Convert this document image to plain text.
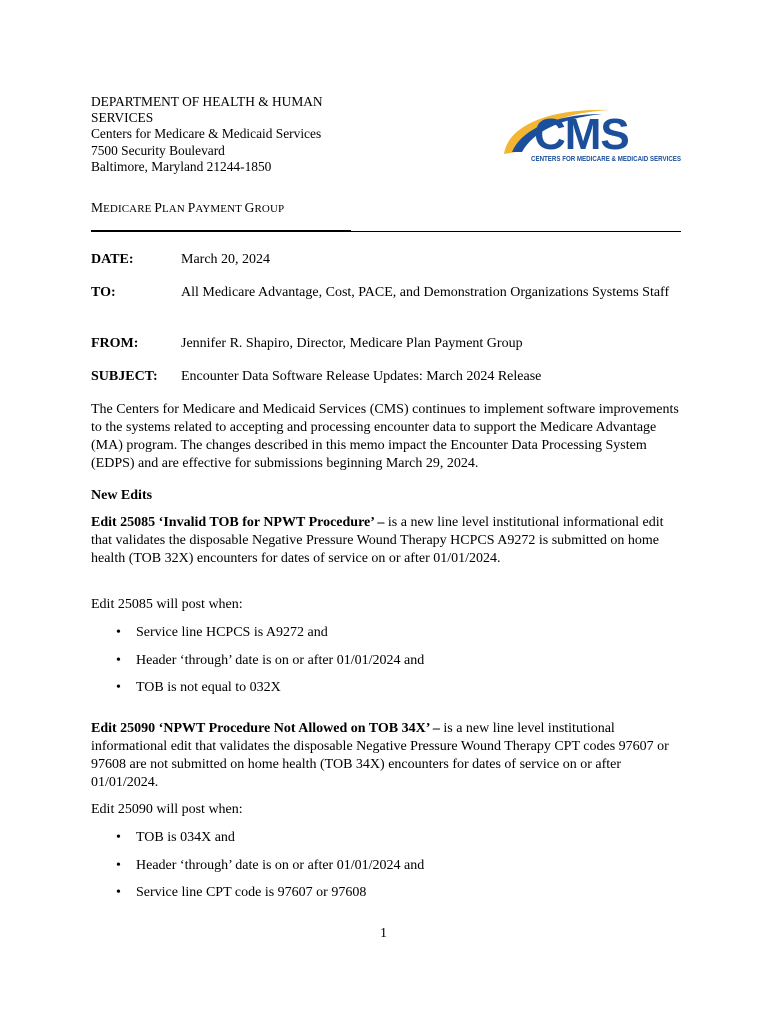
DEPARTMENT OF HEALTH & HUMAN
SERVICES
Centers for Medicare & Medicaid Services
7500 Security Boulevard
Baltimore, Maryland 21244-1850
CMS
CENTERS FOR MEDICARE & MEDICAID SERVICES
MEDICARE PLAN PAYMENT GROUP
DATE:	March 20, 2024
TO:	All Medicare Advantage, Cost, PACE, and Demonstration Organizations Systems Staff
FROM:	Jennifer R. Shapiro, Director, Medicare Plan Payment Group
SUBJECT: Encounter Data Software Release Updates: March 2024 Release
The Centers for Medicare and Medicaid Services (CMS) continues to implement software improvements to the systems related to accepting and processing encounter data to support the Medicare Advantage (MA) program. The changes described in this memo impact the Encounter Data Processing System (EDPS) and are effective for submissions beginning March 29, 2024.
New Edits
Edit 25085 ‘Invalid TOB for NPWT Procedure’ – is a new line level institutional informational edit that validates the disposable Negative Pressure Wound Therapy HCPCS A9272 is submitted on home health (TOB 32X) encounters for dates of service on or after 01/01/2024.
Edit 25085 will post when:
• Service line HCPCS is A9272 and
• Header ‘through’ date is on or after 01/01/2024 and
• TOB is not equal to 032X
Edit 25090 ‘NPWT Procedure Not Allowed on TOB 34X’ – is a new line level institutional informational edit that validates the disposable Negative Pressure Wound Therapy CPT codes 97607 or 97608 are not submitted on home health (TOB 34X) encounters for dates of service on or after 01/01/2024.
Edit 25090 will post when:
• TOB is 034X and
• Header ‘through’ date is on or after 01/01/2024 and
• Service line CPT code is 97607 or 97608
1
